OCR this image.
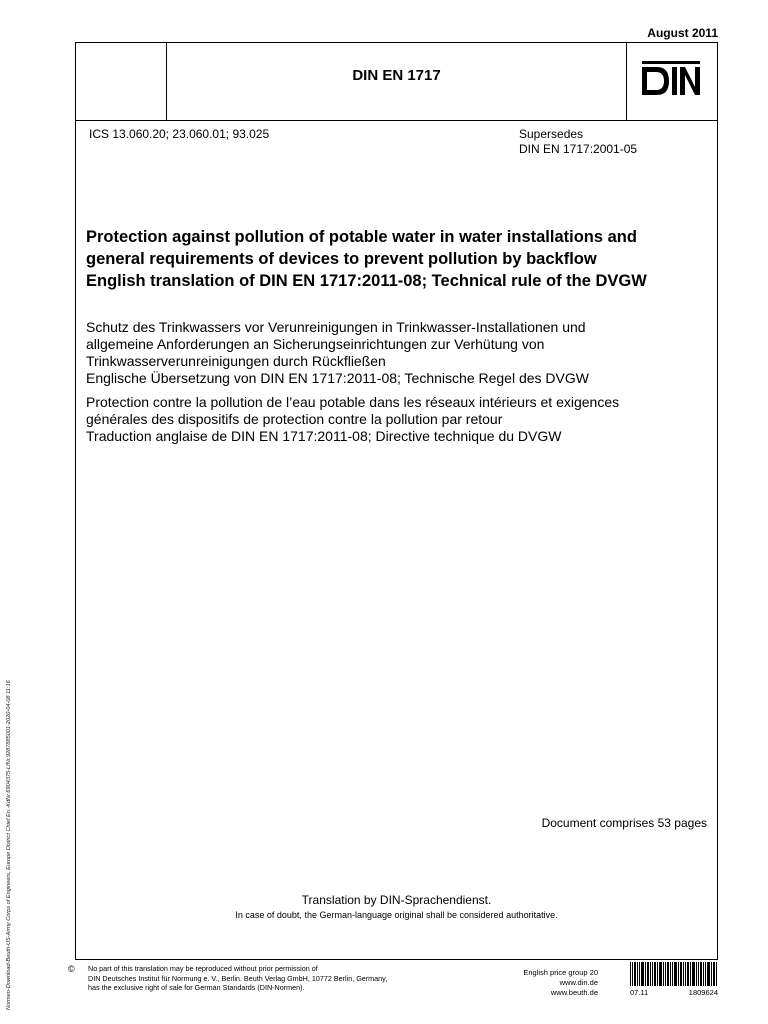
August 2011
DIN EN 1717
ICS 13.060.20; 23.060.01; 93.025	Supersedes
DIN EN 1717:2001-05
Protection against pollution of potable water in water installations and
general requirements of devices to prevent pollution by backflow
English translation of DIN EN 1717:2011-08; Technical rule of the DVGW
Schutz des Trinkwassers vor Verunreinigungen in Trinkwasser-Installationen und
allgemeine Anforderungen an Sicherungseinrichtungen zur Verhütung von
Trinkwasserverunreinigungen durch Rückfließen
Englische Übersetzung von DIN EN 1717:2011-08; Technische Regel des DVGW
Protection contre la pollution de l’eau potable dans les réseaux intérieurs et exigences
générales des dispositifs de protection contre la pollution par retour
Traduction anglaise de DIN EN 1717:2011-08; Directive technique du DVGW
Document comprises 53 pages
Translation by DIN-Sprachendienst.
In case of doubt, the German-language original shall be considered authoritative.
© No part of this translation may be reproduced without prior permission of
DIN Deutsches Institut für Normung e. V., Berlin. Beuth Verlag GmbH, 10772 Berlin, Germany,
has the exclusive right of sale for German Standards (DIN-Normen).
English price group 20
www.din.de
www.beuth.de	07.11	1809624
Normen-Download-Beuth-US-Army Corps of Engineers, Europe District Chief En.-KdNr.6904375-LfNr.9287885001-2020-04-08 11:16
